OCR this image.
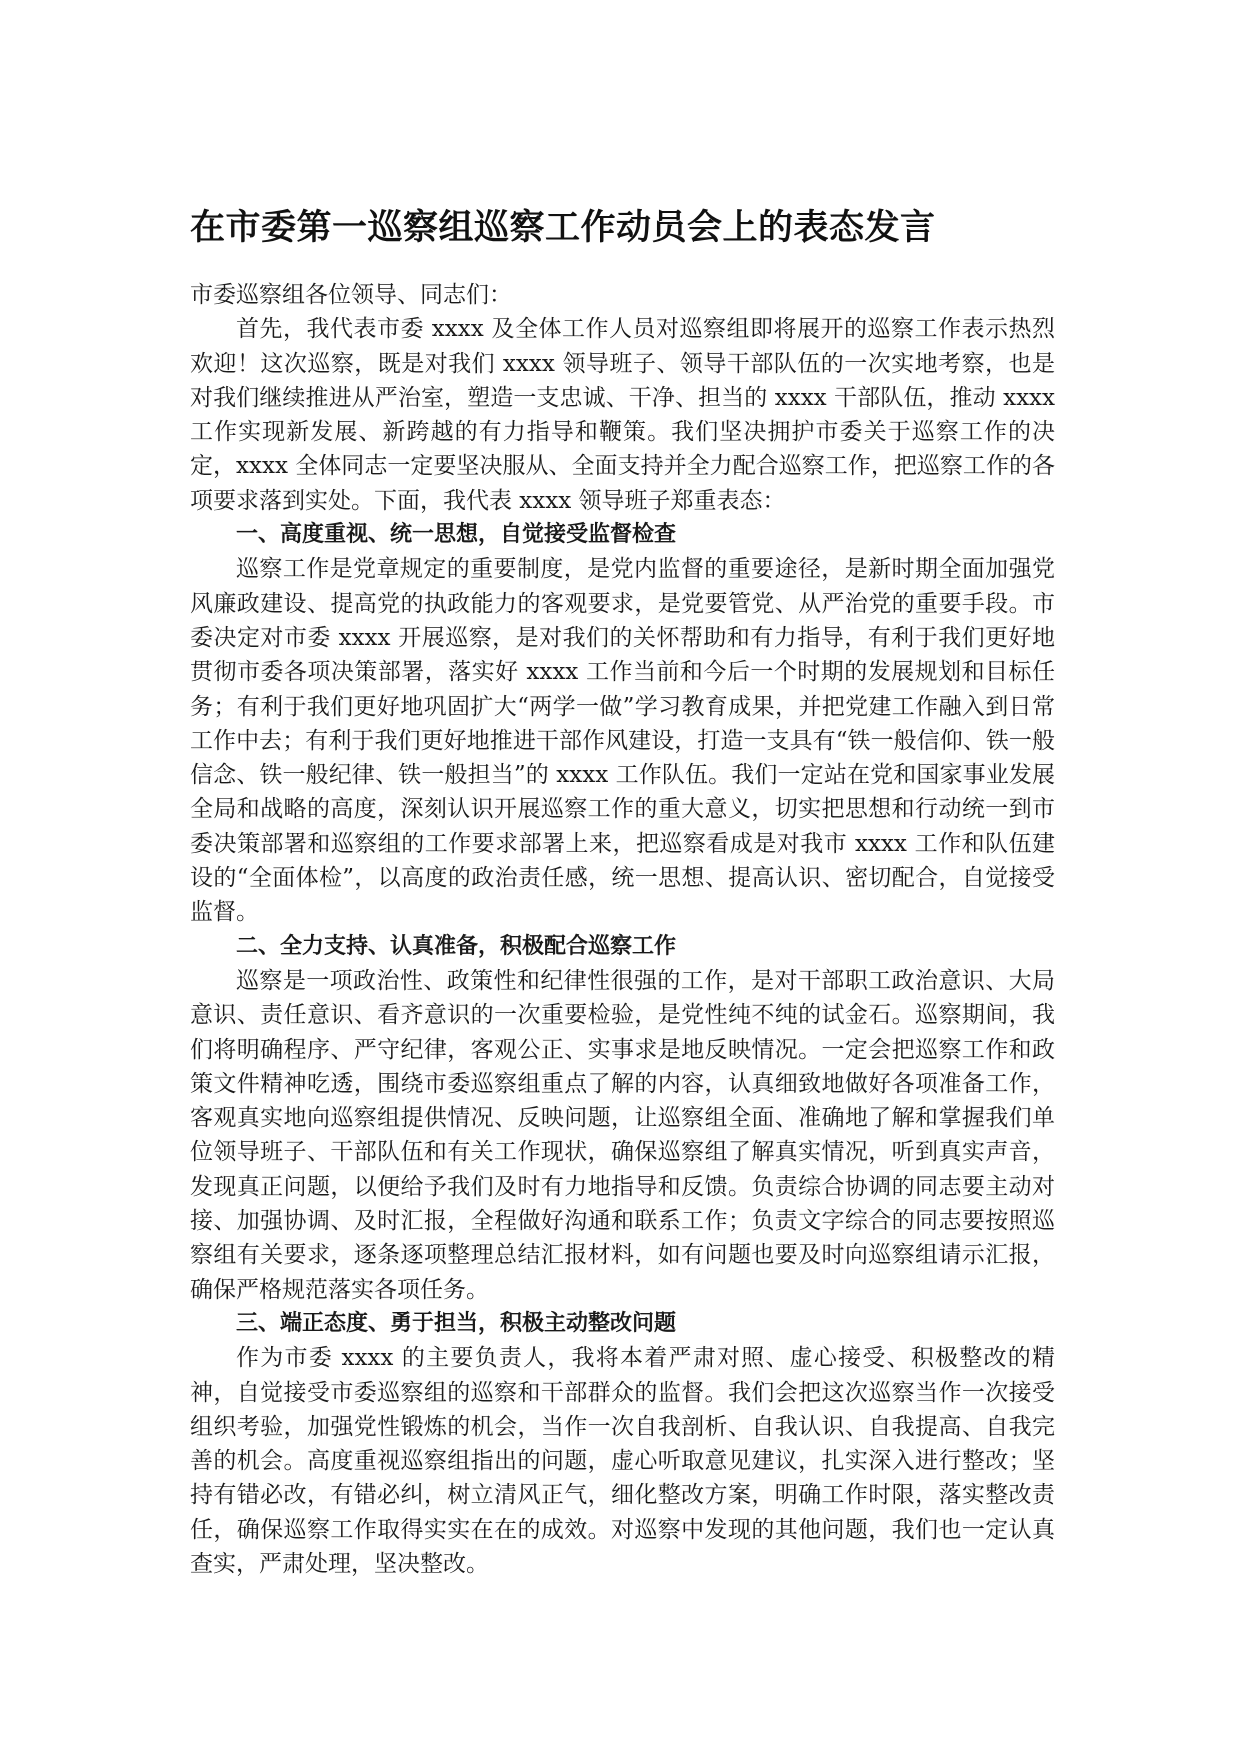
在市委第一巡察组巡察工作动员会上的表态发言

市委巡察组各位领导、同志们：

首先，我代表市委 xxxx 及全体工作人员对巡察组即将展开的巡察工作表示热烈欢迎！这次巡察，既是对我们 xxxx 领导班子、领导干部队伍的一次实地考察，也是对我们继续推进从严治室，塑造一支忠诚、干净、担当的 xxxx 干部队伍，推动 xxxx 工作实现新发展、新跨越的有力指导和鞭策。我们坚决拥护市委关于巡察工作的决定，xxxx 全体同志一定要坚决服从、全面支持并全力配合巡察工作，把巡察工作的各项要求落到实处。下面，我代表 xxxx 领导班子郑重表态：

一、高度重视、统一思想，自觉接受监督检查

巡察工作是党章规定的重要制度，是党内监督的重要途径，是新时期全面加强党风廉政建设、提高党的执政能力的客观要求，是党要管党、从严治党的重要手段。市委决定对市委 xxxx 开展巡察，是对我们的关怀帮助和有力指导，有利于我们更好地贯彻市委各项决策部署，落实好 xxxx 工作当前和今后一个时期的发展规划和目标任务；有利于我们更好地巩固扩大“两学一做”学习教育成果，并把党建工作融入到日常工作中去；有利于我们更好地推进干部作风建设，打造一支具有“铁一般信仰、铁一般信念、铁一般纪律、铁一般担当”的 xxxx 工作队伍。我们一定站在党和国家事业发展全局和战略的高度，深刻认识开展巡察工作的重大意义，切实把思想和行动统一到市委决策部署和巡察组的工作要求部署上来，把巡察看成是对我市 xxxx 工作和队伍建设的“全面体检”，以高度的政治责任感，统一思想、提高认识、密切配合，自觉接受监督。

二、全力支持、认真准备，积极配合巡察工作

巡察是一项政治性、政策性和纪律性很强的工作，是对干部职工政治意识、大局意识、责任意识、看齐意识的一次重要检验，是党性纯不纯的试金石。巡察期间，我们将明确程序、严守纪律，客观公正、实事求是地反映情况。一定会把巡察工作和政策文件精神吃透，围绕市委巡察组重点了解的内容，认真细致地做好各项准备工作，客观真实地向巡察组提供情况、反映问题，让巡察组全面、准确地了解和掌握我们单位领导班子、干部队伍和有关工作现状，确保巡察组了解真实情况，听到真实声音，发现真正问题，以便给予我们及时有力地指导和反馈。负责综合协调的同志要主动对接、加强协调、及时汇报，全程做好沟通和联系工作；负责文字综合的同志要按照巡察组有关要求，逐条逐项整理总结汇报材料，如有问题也要及时向巡察组请示汇报，确保严格规范落实各项任务。

三、端正态度、勇于担当，积极主动整改问题

作为市委 xxxx 的主要负责人，我将本着严肃对照、虚心接受、积极整改的精神，自觉接受市委巡察组的巡察和干部群众的监督。我们会把这次巡察当作一次接受组织考验，加强党性锻炼的机会，当作一次自我剖析、自我认识、自我提高、自我完善的机会。高度重视巡察组指出的问题，虚心听取意见建议，扎实深入进行整改；坚持有错必改，有错必纠，树立清风正气，细化整改方案，明确工作时限，落实整改责任，确保巡察工作取得实实在在的成效。对巡察中发现的其他问题，我们也一定认真查实，严肃处理，坚决整改。
